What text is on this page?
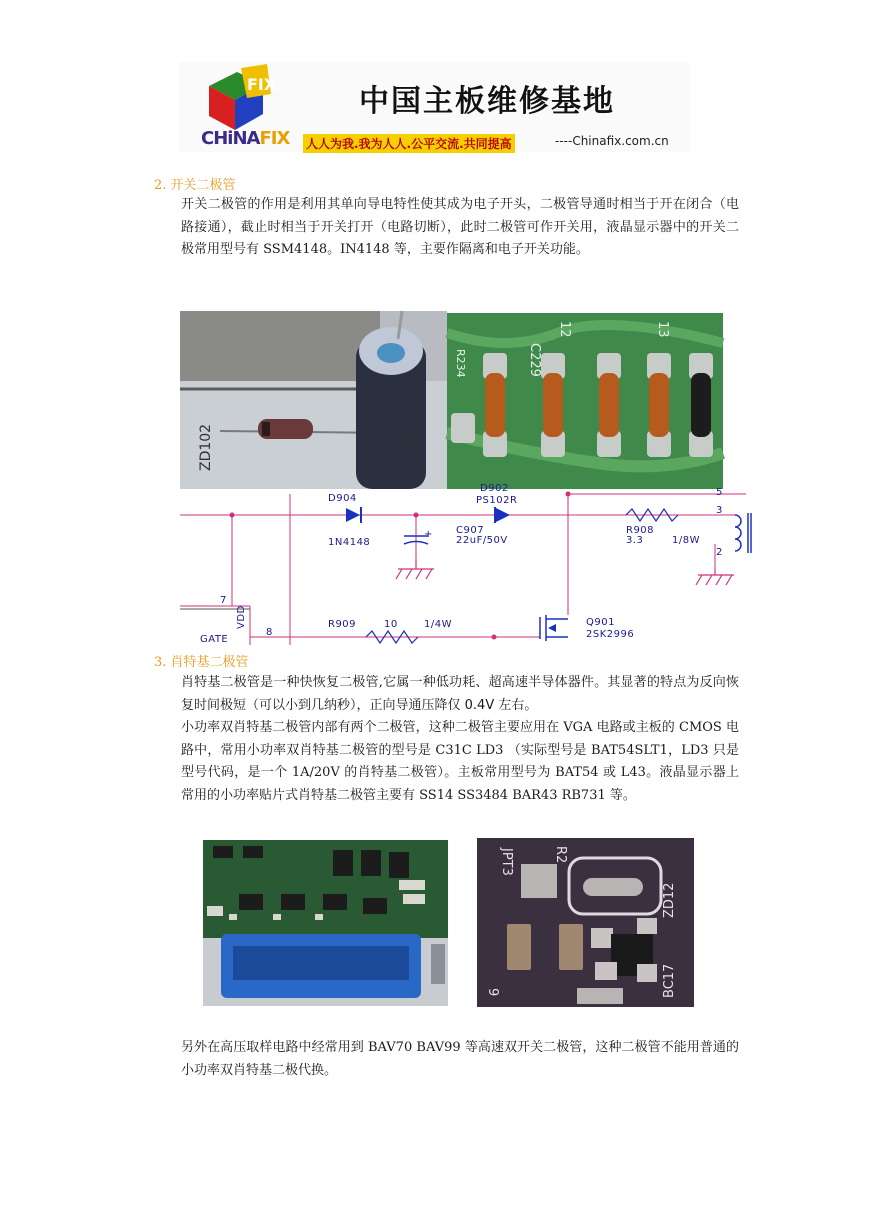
FIX
CHiNAFIX
中国主板维修基地
人人为我.我为人人.公平交流.共同提高	----Chinafix.com.cn
2. 开关二极管
开关二极管的作用是利用其单向导电特性使其成为电子开头，二极管导通时相当于开在闭合（电路接通），截止时相当于开关打开（电路切断），此时二极管可作开关用，液晶显示器中的开关二极常用型号有 SSM4148。IN4148 等，主要作隔离和电子开关功能。
ZD102	C104
R234	C229
12	13
D904
1N4148
D902
PS102R
C907
22uF/50V
+	R908
3.3	1/8W
3
2
5
7
8
VDD
GATE
R909	10	1/4W	Q901
2SK2996
3. 肖特基二极管
肖特基二极管是一种快恢复二极管,它属一种低功耗、超高速半导体器件。其显著的特点为反向恢复时间极短（可以小到几纳秒），正向导通压降仅 0.4V 左右。
小功率双肖特基二极管内部有两个二极管，这种二极管主要应用在 VGA 电路或主板的 CMOS 电路中，常用小功率双肖特基二极管的型号是 C31C LD3 （实际型号是 BAT54SLT1，LD3 只是型号代码，是一个 1A/20V 的肖特基二极管）。主板常用型号为 BAT54 或 L43。液晶显示器上常用的小功率贴片式肖特基二极管主要有 SS14 SS3484 BAR43 RB731 等。
JPT3	R2
ZD12
BC17
9
另外在高压取样电路中经常用到 BAV70 BAV99 等高速双开关二极管，这种二极管不能用普通的小功率双肖特基二极代换。
